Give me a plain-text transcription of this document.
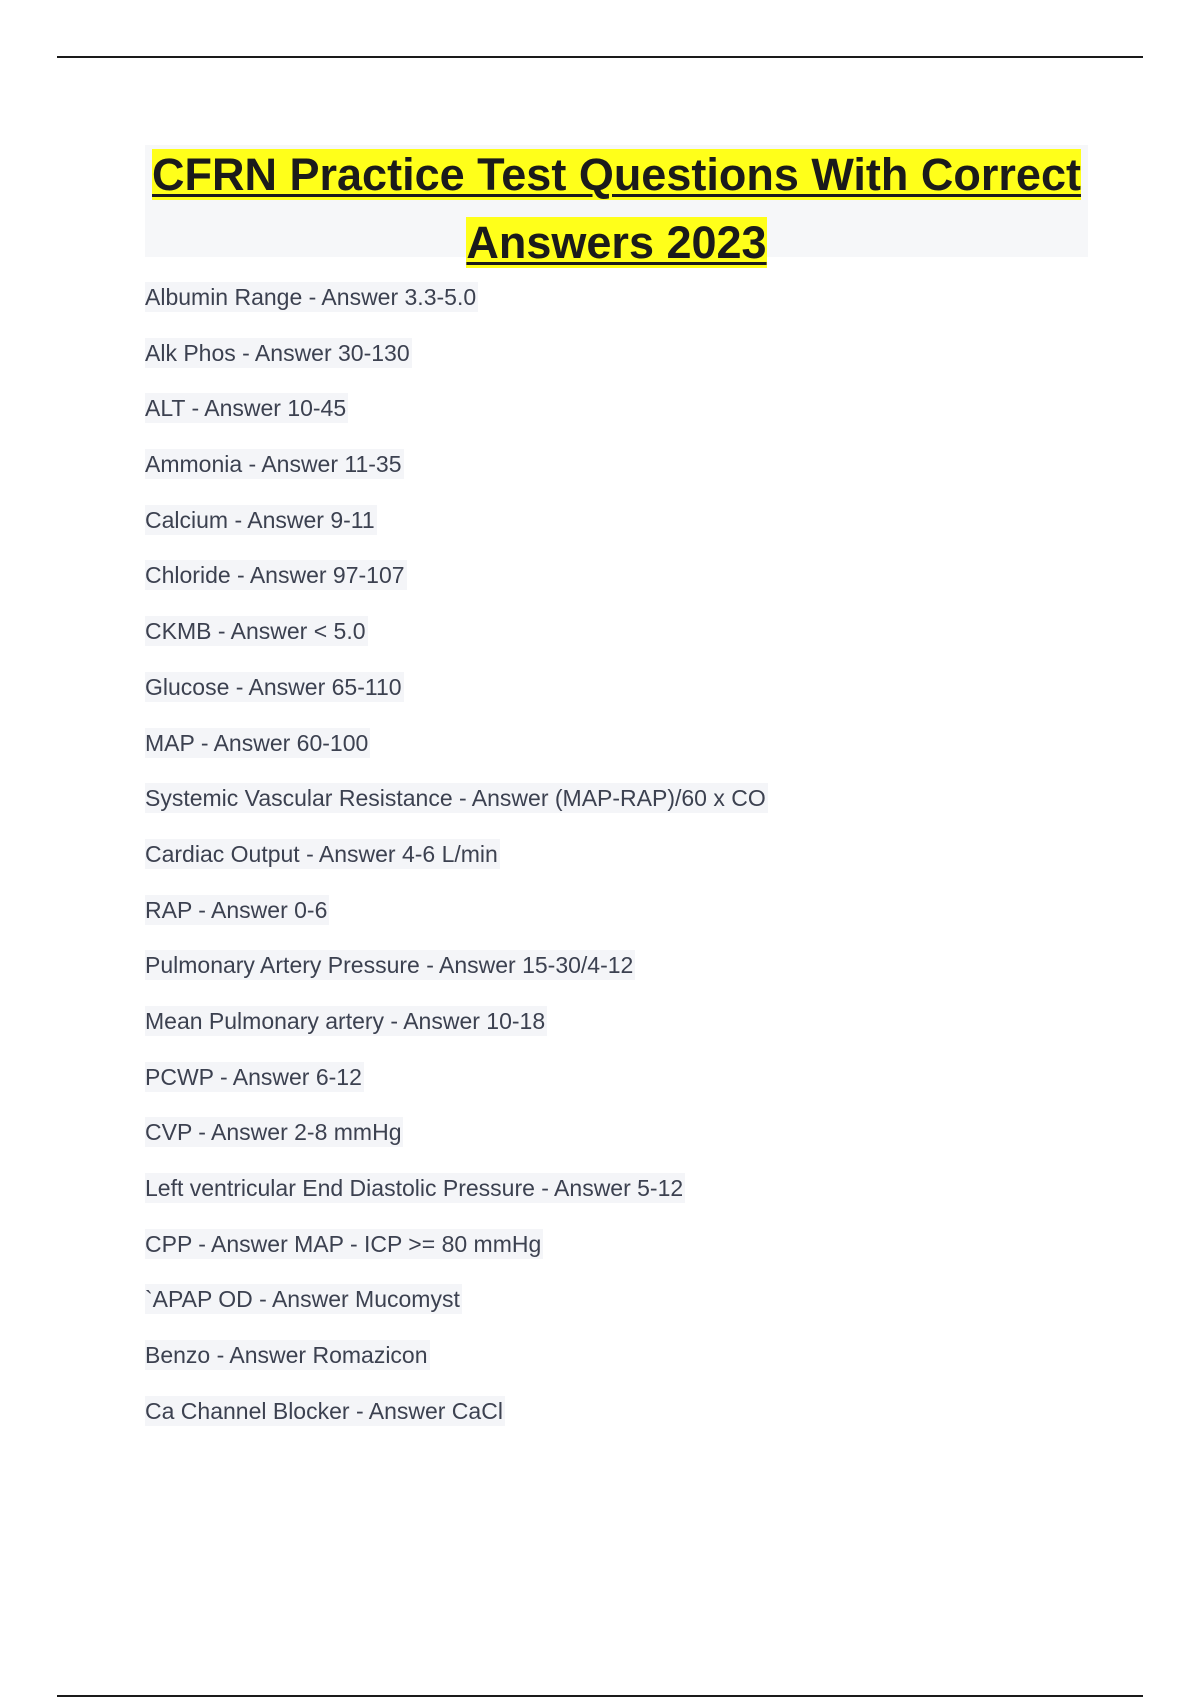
CFRN Practice Test Questions With Correct Answers 2023
Albumin Range - Answer 3.3-5.0
Alk Phos - Answer 30-130
ALT - Answer 10-45
Ammonia - Answer 11-35
Calcium - Answer 9-11
Chloride - Answer 97-107
CKMB - Answer < 5.0
Glucose - Answer 65-110
MAP - Answer 60-100
Systemic Vascular Resistance - Answer (MAP-RAP)/60 x CO
Cardiac Output - Answer 4-6 L/min
RAP - Answer 0-6
Pulmonary Artery Pressure - Answer 15-30/4-12
Mean Pulmonary artery - Answer 10-18
PCWP - Answer 6-12
CVP - Answer 2-8 mmHg
Left ventricular End Diastolic Pressure - Answer 5-12
CPP - Answer MAP - ICP >= 80 mmHg
`APAP OD - Answer Mucomyst
Benzo - Answer Romazicon
Ca Channel Blocker - Answer CaCl
